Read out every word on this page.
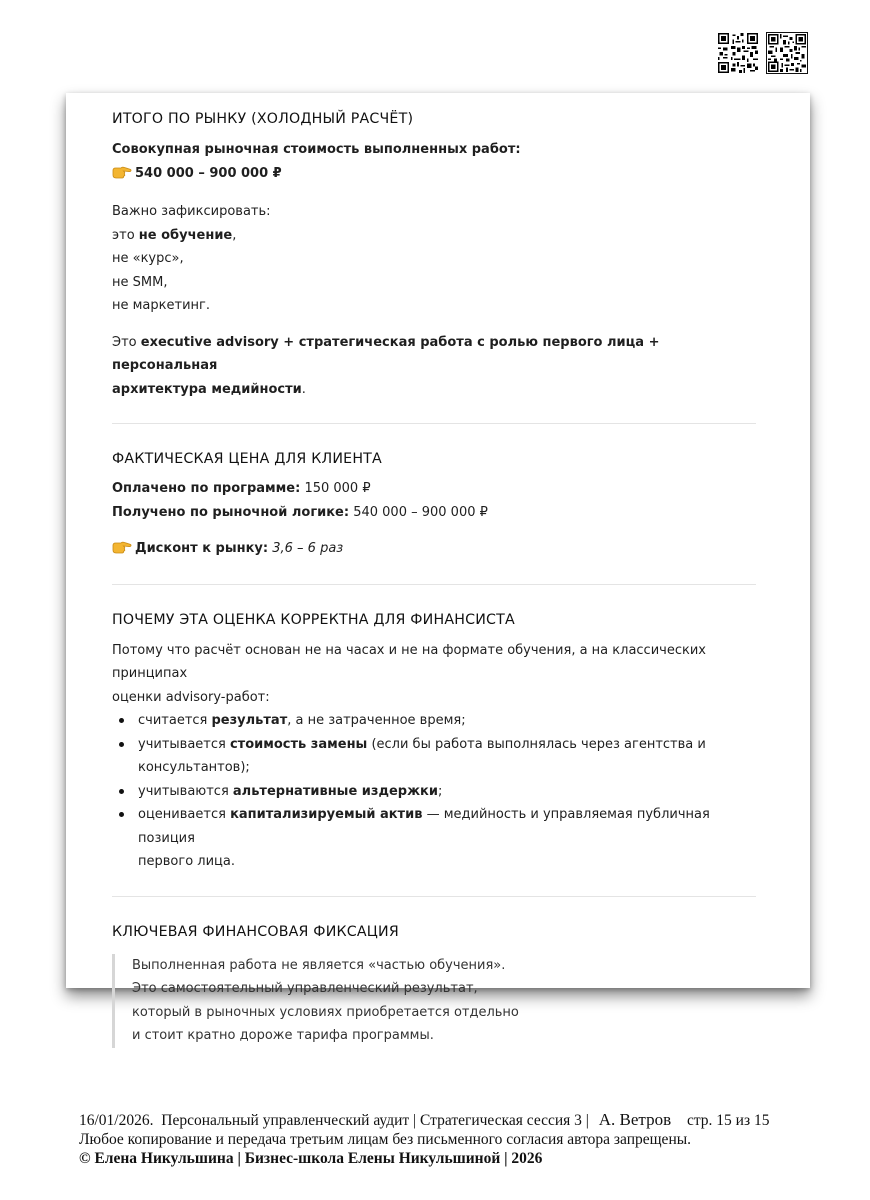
ИТОГО ПО РЫНКУ (ХОЛОДНЫЙ РАСЧЁТ)

Совокупная рыночная стоимость выполненных работ:

540 000 – 900 000 ₽

Важно зафиксировать:

это не обучение,

не «курс»,

не SMM,

не маркетинг.

Это executive advisory + стратегическая работа с ролью первого лица + персональная

архитектура медийности.

ФАКТИЧЕСКАЯ ЦЕНА ДЛЯ КЛИЕНТА

Оплачено по программе: 150 000 ₽

Получено по рыночной логике: 540 000 – 900 000 ₽

Дисконт к рынку: 3,6 – 6 раз

ПОЧЕМУ ЭТА ОЦЕНКА КОРРЕКТНА ДЛЯ ФИНАНСИСТА

Потому что расчёт основан не на часах и не на формате обучения, а на классических принципах

оценки advisory-работ:

считается результат, а не затраченное время;
учитывается стоимость замены (если бы работа выполнялась через агентства и
консультантов);
учитываются альтернативные издержки;
оценивается капитализируемый актив — медийность и управляемая публичная позиция
первого лица.
КЛЮЧЕВАЯ ФИНАНСОВАЯ ФИКСАЦИЯ

Выполненная работа не является «частью обучения».

Это самостоятельный управленческий результат,

который в рыночных условиях приобретается отдельно

и стоит кратно дороже тарифа программы.

16/01/2026. Персональный управленческий аудит | Стратегическая сессия 3 | А. Ветров стр. 15 из 15
Любое копирование и передача третьим лицам без письменного согласия автора запрещены.
© Елена Никульшина | Бизнес-школа Елены Никульшиной | 2026
